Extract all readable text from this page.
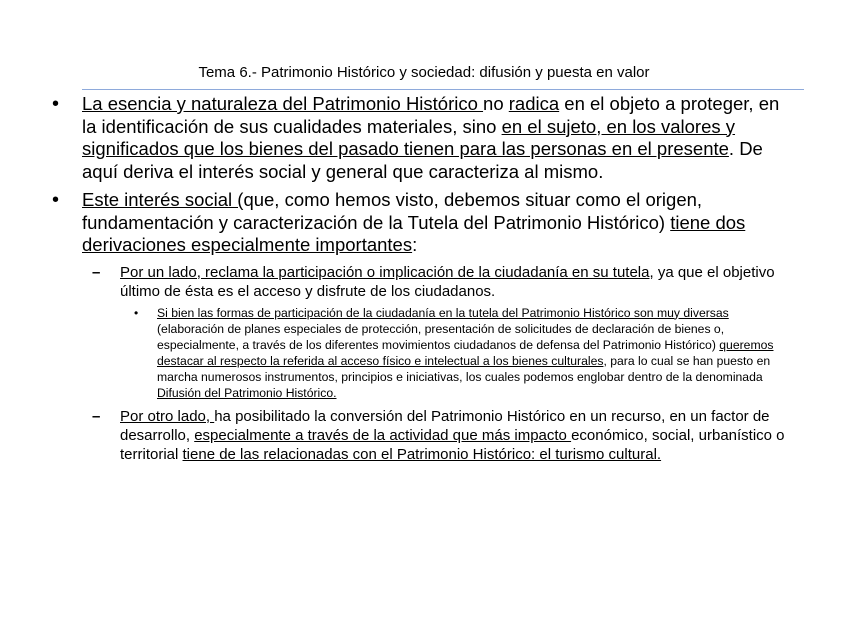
Tema 6.- Patrimonio Histórico y sociedad: difusión y puesta en valor
• La esencia y naturaleza del Patrimonio Histórico no radica en el objeto a proteger, en la identificación de sus cualidades materiales, sino en el sujeto, en los valores y significados que los bienes del pasado tienen para las personas en el presente. De aquí deriva el interés social y general que caracteriza al mismo.
• Este interés social (que, como hemos visto, debemos situar como el origen, fundamentación y caracterización de la Tutela del Patrimonio Histórico) tiene dos derivaciones especialmente importantes:
– Por un lado, reclama la participación o implicación de la ciudadanía en su tutela, ya que el objetivo último de ésta es el acceso y disfrute de los ciudadanos.
• Si bien las formas de participación de la ciudadanía en la tutela del Patrimonio Histórico son muy diversas (elaboración de planes especiales de protección, presentación de solicitudes de declaración de bienes o, especialmente, a través de los diferentes movimientos ciudadanos de defensa del Patrimonio Histórico) queremos destacar al respecto la referida al acceso físico e intelectual a los bienes culturales, para lo cual se han puesto en marcha numerosos instrumentos, principios e iniciativas, los cuales podemos englobar dentro de la denominada Difusión del Patrimonio Histórico.
– Por otro lado, ha posibilitado la conversión del Patrimonio Histórico en un recurso, en un factor de desarrollo, especialmente a través de la actividad que más impacto económico, social, urbanístico o territorial tiene de las relacionadas con el Patrimonio Histórico: el turismo cultural.
